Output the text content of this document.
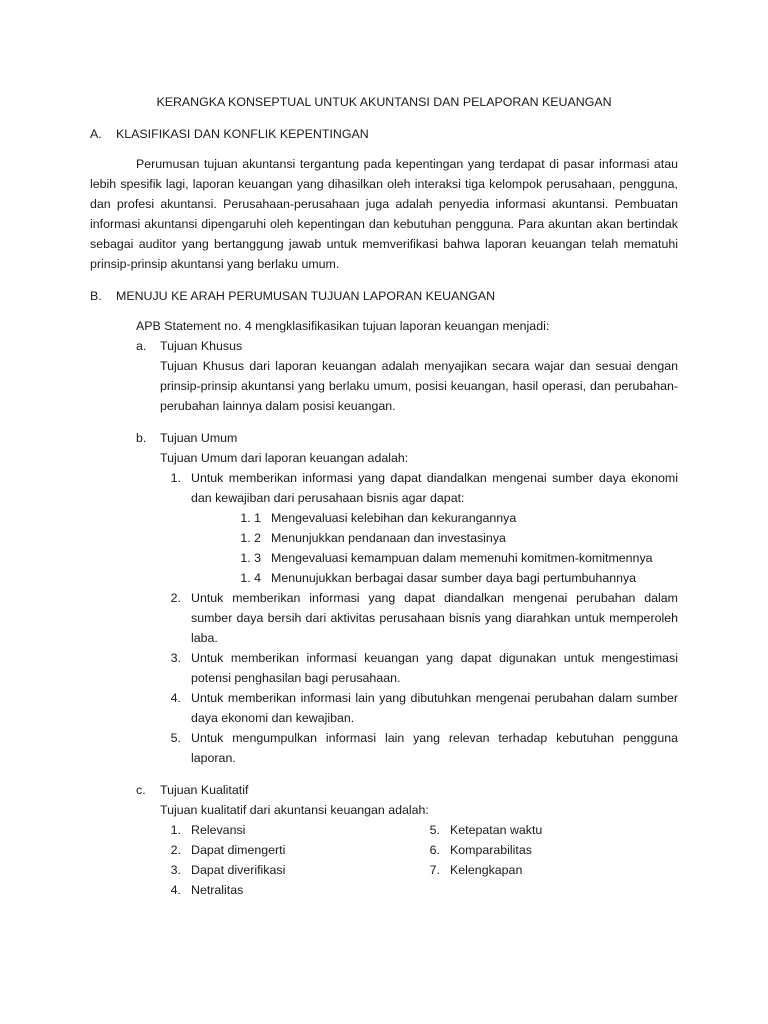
KERANGKA KONSEPTUAL UNTUK AKUNTANSI DAN PELAPORAN KEUANGAN
A.	KLASIFIKASI DAN KONFLIK KEPENTINGAN

Perumusan tujuan akuntansi tergantung pada kepentingan yang terdapat di pasar informasi atau lebih spesifik lagi, laporan keuangan yang dihasilkan oleh interaksi tiga kelompok perusahaan, pengguna, dan profesi akuntansi. Perusahaan-perusahaan juga adalah penyedia informasi akuntansi. Pembuatan informasi akuntansi dipengaruhi oleh kepentingan dan kebutuhan pengguna. Para akuntan akan bertindak sebagai auditor yang bertanggung jawab untuk memverifikasi bahwa laporan keuangan telah mematuhi prinsip-prinsip akuntansi yang berlaku umum.

B.	MENUJU KE ARAH PERUMUSAN TUJUAN LAPORAN KEUANGAN
APB Statement no. 4 mengklasifikasikan tujuan laporan keuangan menjadi:
a.	Tujuan Khusus
Tujuan Khusus dari laporan keuangan adalah menyajikan secara wajar dan sesuai dengan prinsip-prinsip akuntansi yang berlaku umum, posisi keuangan, hasil operasi, dan perubahan-perubahan lainnya dalam posisi keuangan.
b.	Tujuan Umum
Tujuan Umum dari laporan keuangan adalah:
1. Untuk memberikan informasi yang dapat diandalkan mengenai sumber daya ekonomi dan kewajiban dari perusahaan bisnis agar dapat:
1. 1 Mengevaluasi kelebihan dan kekurangannya
1. 2 Menunjukkan pendanaan dan investasinya
1. 3 Mengevaluasi kemampuan dalam memenuhi komitmen-komitmennya
1. 4 Menunujukkan berbagai dasar sumber daya bagi pertumbuhannya
2. Untuk memberikan informasi yang dapat diandalkan mengenai perubahan dalam sumber daya bersih dari aktivitas perusahaan bisnis yang diarahkan untuk memperoleh laba.
3. Untuk memberikan informasi keuangan yang dapat digunakan untuk mengestimasi potensi penghasilan bagi perusahaan.
4. Untuk memberikan informasi lain yang dibutuhkan mengenai perubahan dalam sumber daya ekonomi dan kewajiban.
5. Untuk mengumpulkan informasi lain yang relevan terhadap kebutuhan pengguna laporan.
c.	Tujuan Kualitatif
Tujuan kualitatif dari akuntansi keuangan adalah:
1. Relevansi
2. Dapat dimengerti
3. Dapat diverifikasi
4. Netralitas
5. Ketepatan waktu
6. Komparabilitas
7. Kelengkapan
